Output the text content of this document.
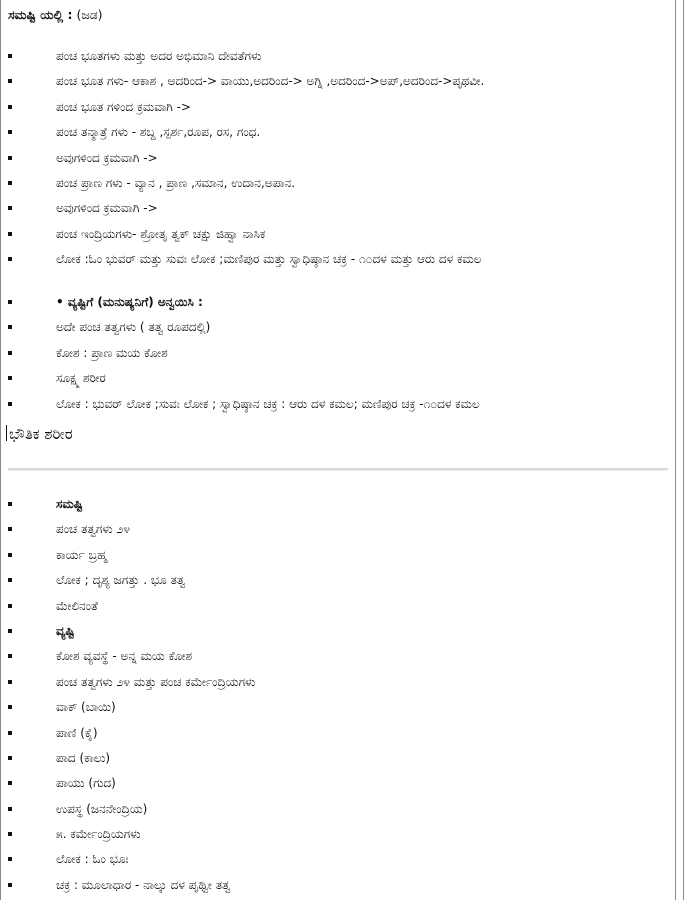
ಸಮಷ್ಟಿ ಯಲ್ಲಿ : (ಜಡ)
ಪಂಚ ಭೂತಗಳು ಮತ್ತು ಅದರ ಅಭಿಮಾನಿ ದೇವತೆಗಳು
ಪಂಚ ಭೂತ ಗಳು- ಆಕಾಶ , ಅದರಿಂದ-> ವಾಯು,ಅದರಿಂದ-> ಅಗ್ನಿ ,ಅದರಿಂದ->ಅಪ್,ಅದರಿಂದ->ಪೃಥವೀ.
ಪಂಚ ಭೂತ ಗಳಿಂದ ಕ್ರಮವಾಗಿ ->
ಪಂಚ ತನ್ಮಾತ್ರೆ ಗಳು - ಶಬ್ದ ,ಸ್ಪರ್ಶ,ರೂಪ, ರಸ, ಗಂಧ.
ಅವುಗಳಿಂದ ಕ್ರಮವಾಗಿ ->
ಪಂಚ ಪ್ರಾಣ ಗಳು - ವ್ಯಾನ , ಪ್ರಾಣ ,ಸಮಾನ, ಉದಾನ,ಅಪಾನ.
ಅವುಗಳಿಂದ ಕ್ರಮವಾಗಿ ->
ಪಂಚ ಇಂದ್ರಿಯಗಳು- ಶ್ರೋತೃ ತ್ವಕ್ ಚಕ್ಷು ಜಿಹ್ವಾ ನಾಸಿಕ
ಲೋಕ :ಓಂ ಭುವರ್ ಮತ್ತು ಸುವಃ ಲೋಕ ;ಮಣಿಪುರ ಮತ್ತು ಸ್ವಾಧಿಷ್ಠಾನ ಚಕ್ರ - ೧೦ದಳ ಮತ್ತು ಆರು ದಳ ಕಮಲ
• ವ್ಯಷ್ಟಿಗೆ (ಮನುಷ್ಯನಿಗೆ) ಅನ್ವಯಿಸಿ :
ಅದೇ ಪಂಚ ತತ್ವಗಳು ( ತತ್ವ ರೂಪದಲ್ಲಿ)
ಕೋಶ : ಪ್ರಾಣ ಮಯ ಕೋಶ
ಸೂಕ್ಷ್ಮ ಶರೀರ
ಲೋಕ : ಭುವರ್ ಲೋಕ ;ಸುವಃ ಲೋಕ ; ಸ್ವಾಧಿಷ್ಠಾನ ಚಕ್ರ : ಆರು ದಳ ಕಮಲ; ಮಣಿಪುರ ಚಕ್ರ -೧೦ದಳ ಕಮಲ
ಭೌತಿಕ ಶರೀರ
ಸಮಷ್ಟಿ
ಪಂಚ ತತ್ವಗಳು ೨೪
ಕಾರ್ಯ ಬ್ರಹ್ಮ
ಲೋಕ ; ದೃಶ್ಯ ಜಗತ್ತು . ಭೂ ತತ್ವ
ಮೇಲಿನಂತೆ
ವ್ಯಷ್ಟಿ
ಕೋಶ ವ್ಯವಸ್ಥೆ - ಅನ್ನ ಮಯ ಕೋಶ
ಪಂಚ ತತ್ವಗಳು ೨೪ ಮತ್ತು ಪಂಚ ಕರ್ಮೇಂದ್ರಿಯಗಳು
ವಾಕ್ (ಬಾಯಿ)
ಪಾಣಿ (ಕೈ)
ಪಾದ (ಕಾಲು)
ಪಾಯು (ಗುದ)
ಉಪಸ್ಥ (ಜನನೇಂದ್ರಿಯ)
೫. ಕರ್ಮೇಂದ್ರಿಯಗಳು
ಲೋಕ : ಓಂ ಭೂಃ
ಚಕ್ರ : ಮೂಲಾಧಾರ - ನಾಲ್ಕು ದಳ ಪೃಥ್ವೀ ತತ್ವ
